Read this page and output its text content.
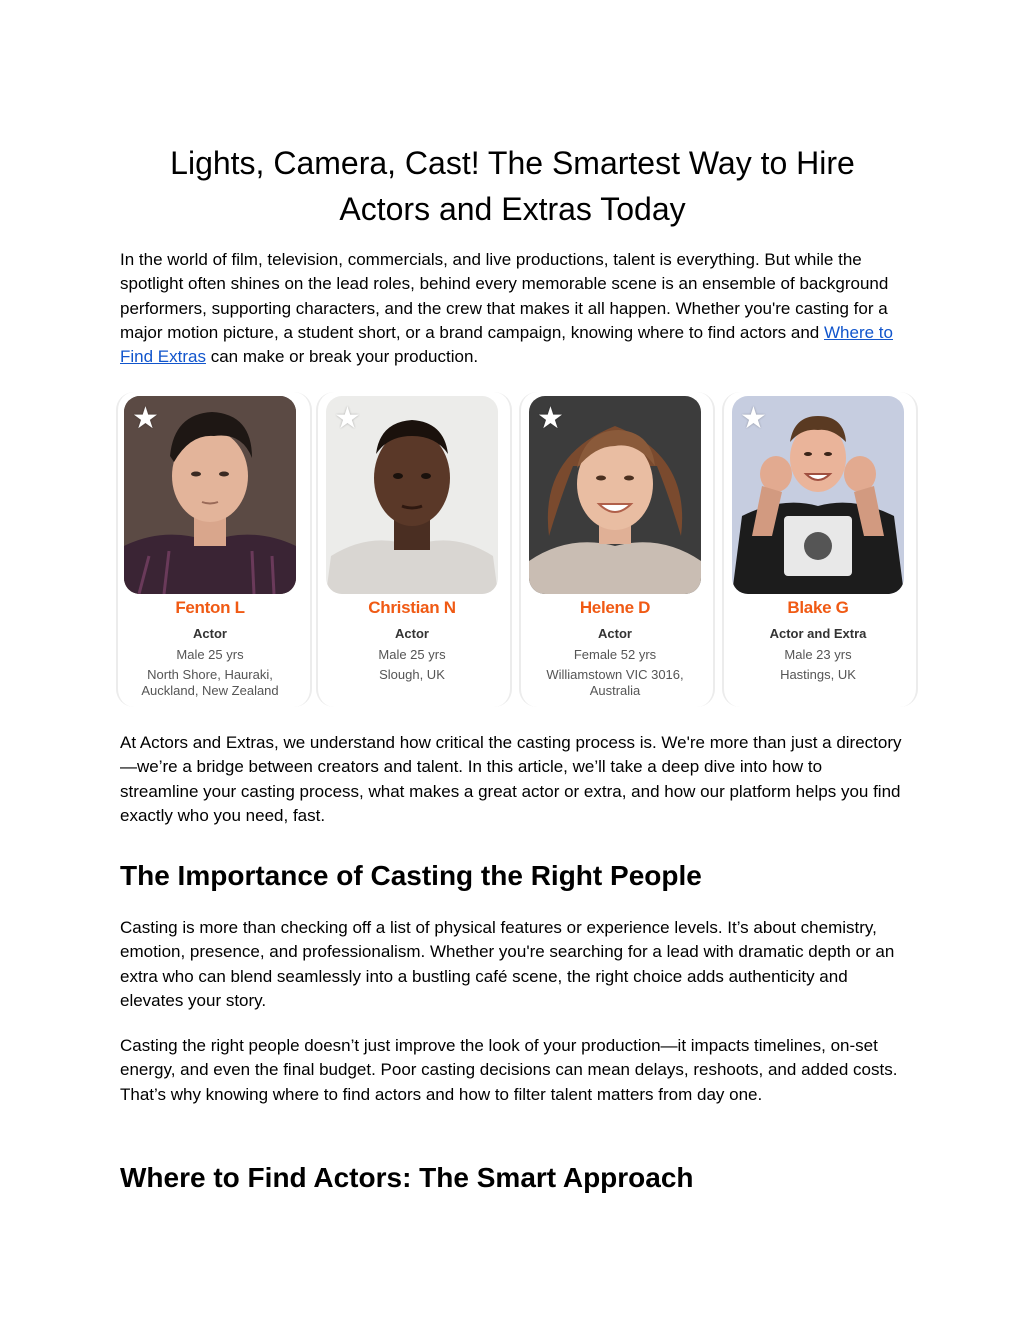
Lights, Camera, Cast! The Smartest Way to Hire
Actors and Extras Today

In the world of film, television, commercials, and live productions, talent is everything. But while the spotlight often shines on the lead roles, behind every memorable scene is an ensemble of background performers, supporting characters, and the crew that makes it all happen. Whether you're casting for a major motion picture, a student short, or a brand campaign, knowing where to find actors and Where to Find Extras can make or break your production.

At Actors and Extras, we understand how critical the casting process is. We're more than just a directory—we’re a bridge between creators and talent. In this article, we’ll take a deep dive into how to streamline your casting process, what makes a great actor or extra, and how our platform helps you find exactly who you need, fast.

The Importance of Casting the Right People

Casting is more than checking off a list of physical features or experience levels. It’s about chemistry, emotion, presence, and professionalism. Whether you're searching for a lead with dramatic depth or an extra who can blend seamlessly into a bustling café scene, the right choice adds authenticity and elevates your story.

Casting the right people doesn’t just improve the look of your production—it impacts timelines, on-set energy, and even the final budget. Poor casting decisions can mean delays, reshoots, and added costs. That’s why knowing where to find actors and how to filter talent matters from day one.

Where to Find Actors: The Smart Approach
★
Fenton L
Actor
Male 25 yrs
North Shore, Hauraki,
Auckland, New Zealand
★
Christian N
Actor
Male 25 yrs
Slough, UK

★
Helene D
Actor
Female 52 yrs
Williamstown VIC 3016,
Australia
★
Blake G
Actor and Extra
Male 23 yrs
Hastings, UK
